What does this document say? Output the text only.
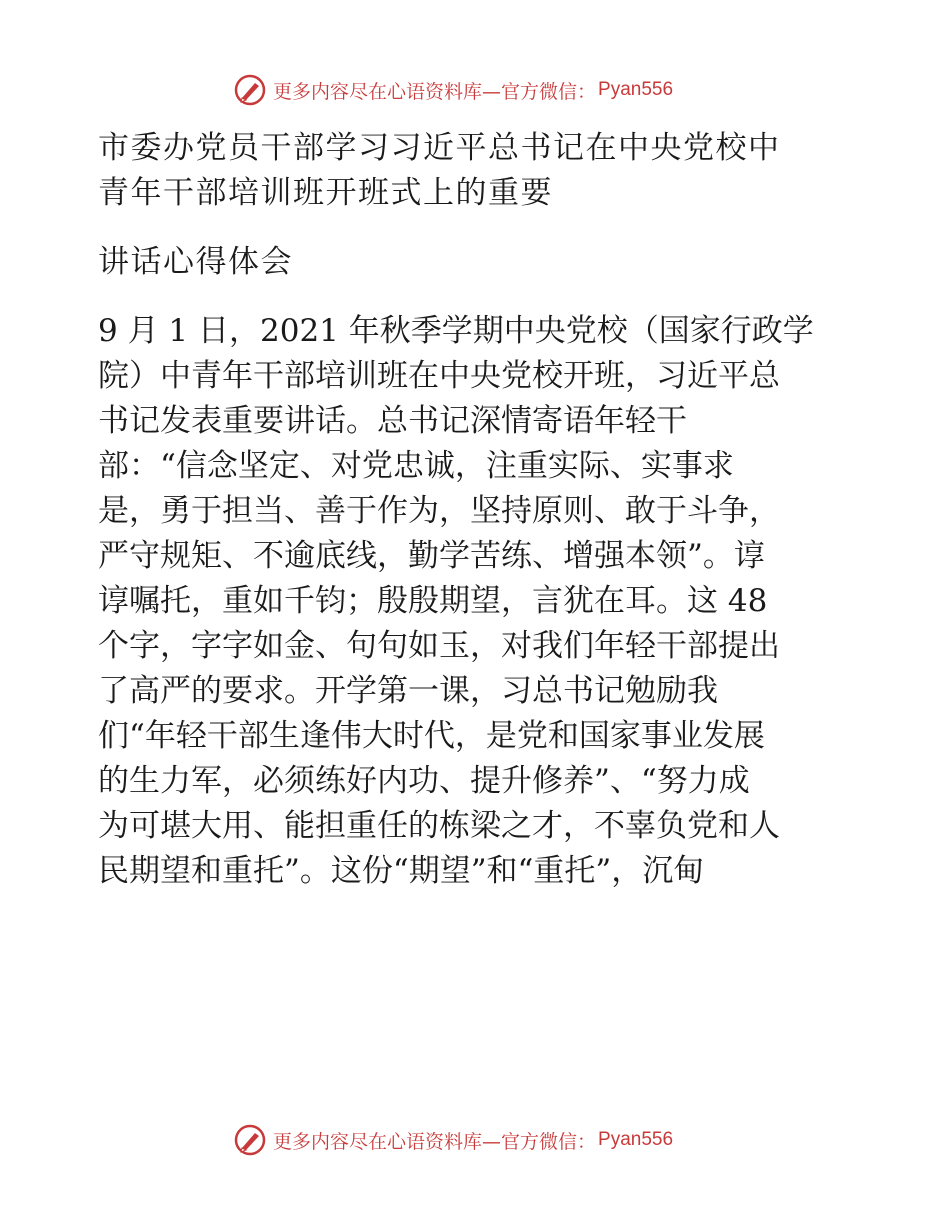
更多内容尽在心语资料库—官方微信： Pyan556
市委办党员干部学习习近平总书记在中央党校中
青年干部培训班开班式上的重要
讲话心得体会
9 月 1 日，2021 年秋季学期中央党校（国家行政学
院）中青年干部培训班在中央党校开班，习近平总
书记发表重要讲话。总书记深情寄语年轻干
部：“信念坚定、对党忠诚，注重实际、实事求
是，勇于担当、善于作为，坚持原则、敢于斗争，
严守规矩、不逾底线，勤学苦练、增强本领”。谆
谆嘱托，重如千钧；殷殷期望，言犹在耳。这 48
个字，字字如金、句句如玉，对我们年轻干部提出
了高严的要求。开学第一课，习总书记勉励我
们“年轻干部生逢伟大时代，是党和国家事业发展
的生力军，必须练好内功、提升修养”、“努力成
为可堪大用、能担重任的栋梁之才，不辜负党和人
民期望和重托”。这份“期望”和“重托”，沉甸
更多内容尽在心语资料库—官方微信： Pyan556
